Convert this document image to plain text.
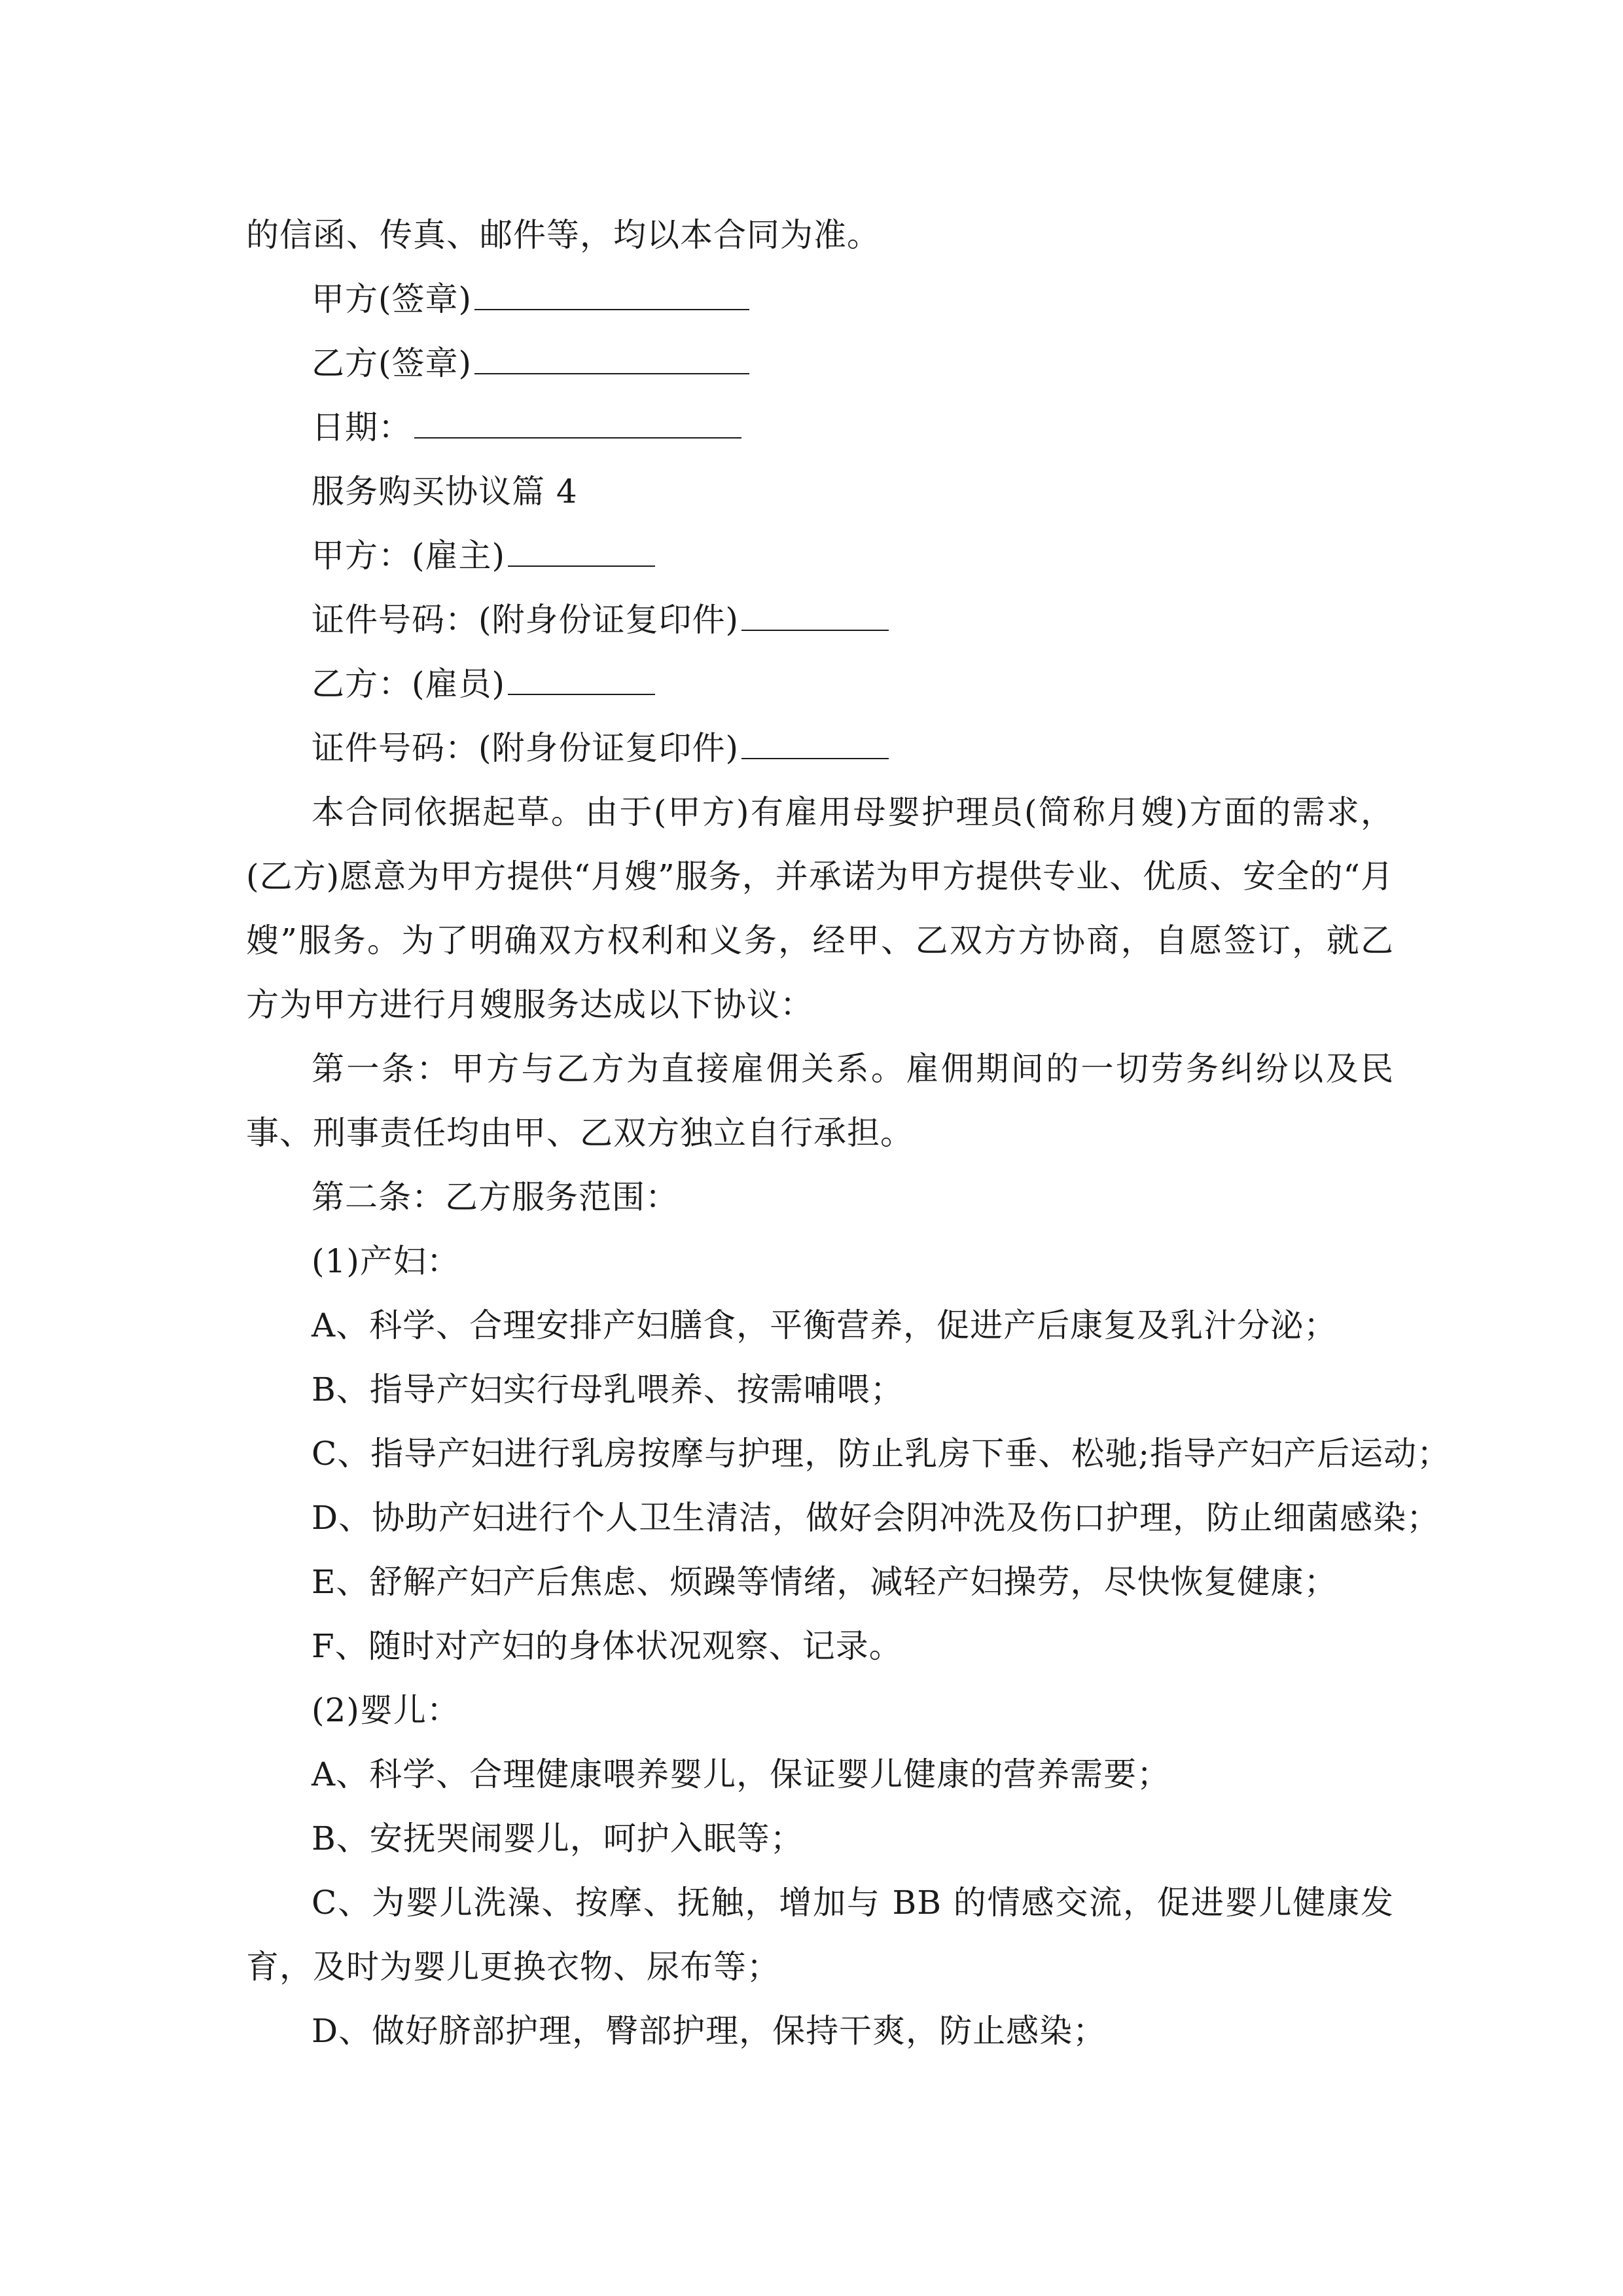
的信函、传真、邮件等，均以本合同为准。
甲方(签章)
乙方(签章)
日期：
服务购买协议篇 4
甲方：(雇主)
证件号码：(附身份证复印件)
乙方：(雇员)
证件号码：(附身份证复印件)

本合同依据起草。由于(甲方)有雇用母婴护理员(简称月嫂)方面的需求，(乙方)愿意为甲方提供“月嫂”服务，并承诺为甲方提供专业、优质、安全的“月嫂”服务。为了明确双方权利和义务，经甲、乙双方方协商，自愿签订，就乙方为甲方进行月嫂服务达成以下协议：

第一条：甲方与乙方为直接雇佣关系。雇佣期间的一切劳务纠纷以及民事、刑事责任均由甲、乙双方独立自行承担。

第二条：乙方服务范围：
(1)产妇：
A、科学、合理安排产妇膳食，平衡营养，促进产后康复及乳汁分泌；
B、指导产妇实行母乳喂养、按需哺喂；
C、指导产妇进行乳房按摩与护理，防止乳房下垂、松驰;指导产妇产后运动；
D、协助产妇进行个人卫生清洁，做好会阴冲洗及伤口护理，防止细菌感染；
E、舒解产妇产后焦虑、烦躁等情绪，减轻产妇操劳，尽快恢复健康；
F、随时对产妇的身体状况观察、记录。
(2)婴儿：
A、科学、合理健康喂养婴儿，保证婴儿健康的营养需要；
B、安抚哭闹婴儿，呵护入眠等；

C、为婴儿洗澡、按摩、抚触，增加与 BB 的情感交流，促进婴儿健康发育，及时为婴儿更换衣物、尿布等；

D、做好脐部护理，臀部护理，保持干爽，防止感染；
